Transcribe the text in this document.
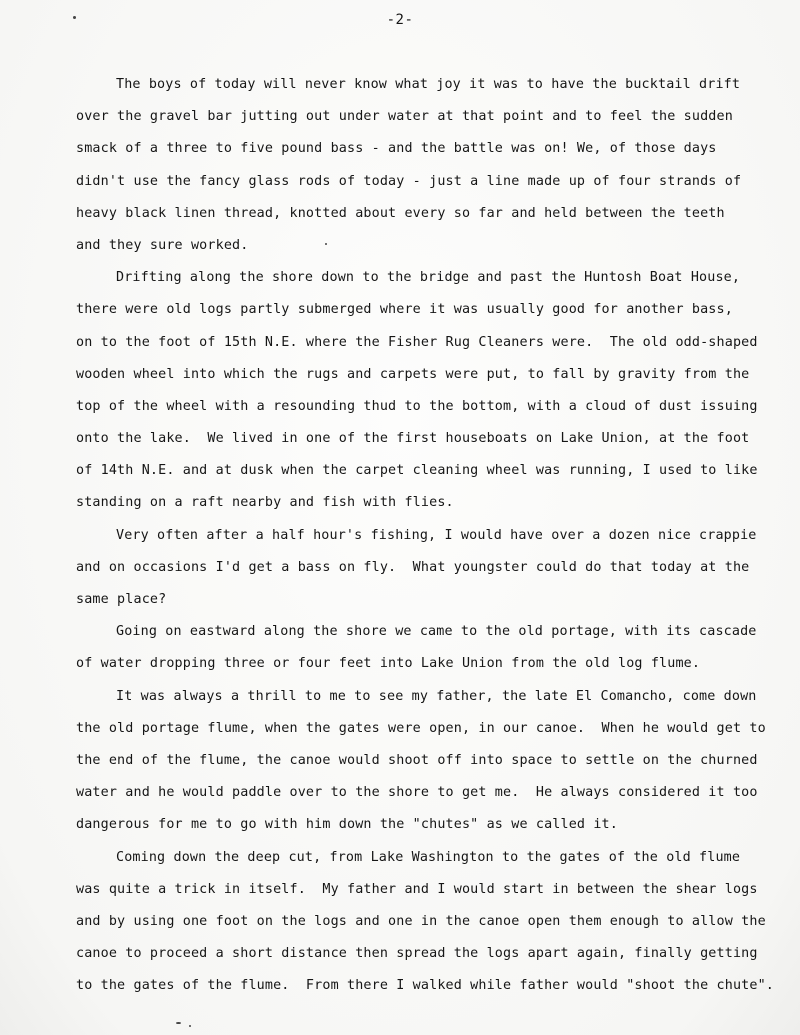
-2-
The boys of today will never know what joy it was to have the bucktail drift
over the gravel bar jutting out under water at that point and to feel the sudden
smack of a three to five pound bass - and the battle was on! We, of those days
didn't use the fancy glass rods of today - just a line made up of four strands of
heavy black linen thread, knotted about every so far and held between the teeth
and they sure worked.
Drifting along the shore down to the bridge and past the Huntosh Boat House,
there were old logs partly submerged where it was usually good for another bass,
on to the foot of 15th N.E. where the Fisher Rug Cleaners were.  The old odd-shaped
wooden wheel into which the rugs and carpets were put, to fall by gravity from the
top of the wheel with a resounding thud to the bottom, with a cloud of dust issuing
onto the lake.  We lived in one of the first houseboats on Lake Union, at the foot
of 14th N.E. and at dusk when the carpet cleaning wheel was running, I used to like
standing on a raft nearby and fish with flies.
Very often after a half hour's fishing, I would have over a dozen nice crappie
and on occasions I'd get a bass on fly.  What youngster could do that today at the
same place?
Going on eastward along the shore we came to the old portage, with its cascade
of water dropping three or four feet into Lake Union from the old log flume.
It was always a thrill to me to see my father, the late El Comancho, come down
the old portage flume, when the gates were open, in our canoe.  When he would get to
the end of the flume, the canoe would shoot off into space to settle on the churned
water and he would paddle over to the shore to get me.  He always considered it too
dangerous for me to go with him down the "chutes" as we called it.
Coming down the deep cut, from Lake Washington to the gates of the old flume
was quite a trick in itself.  My father and I would start in between the shear logs
and by using one foot on the logs and one in the canoe open them enough to allow the
canoe to proceed a short distance then spread the logs apart again, finally getting
to the gates of the flume.  From there I walked while father would "shoot the chute".
